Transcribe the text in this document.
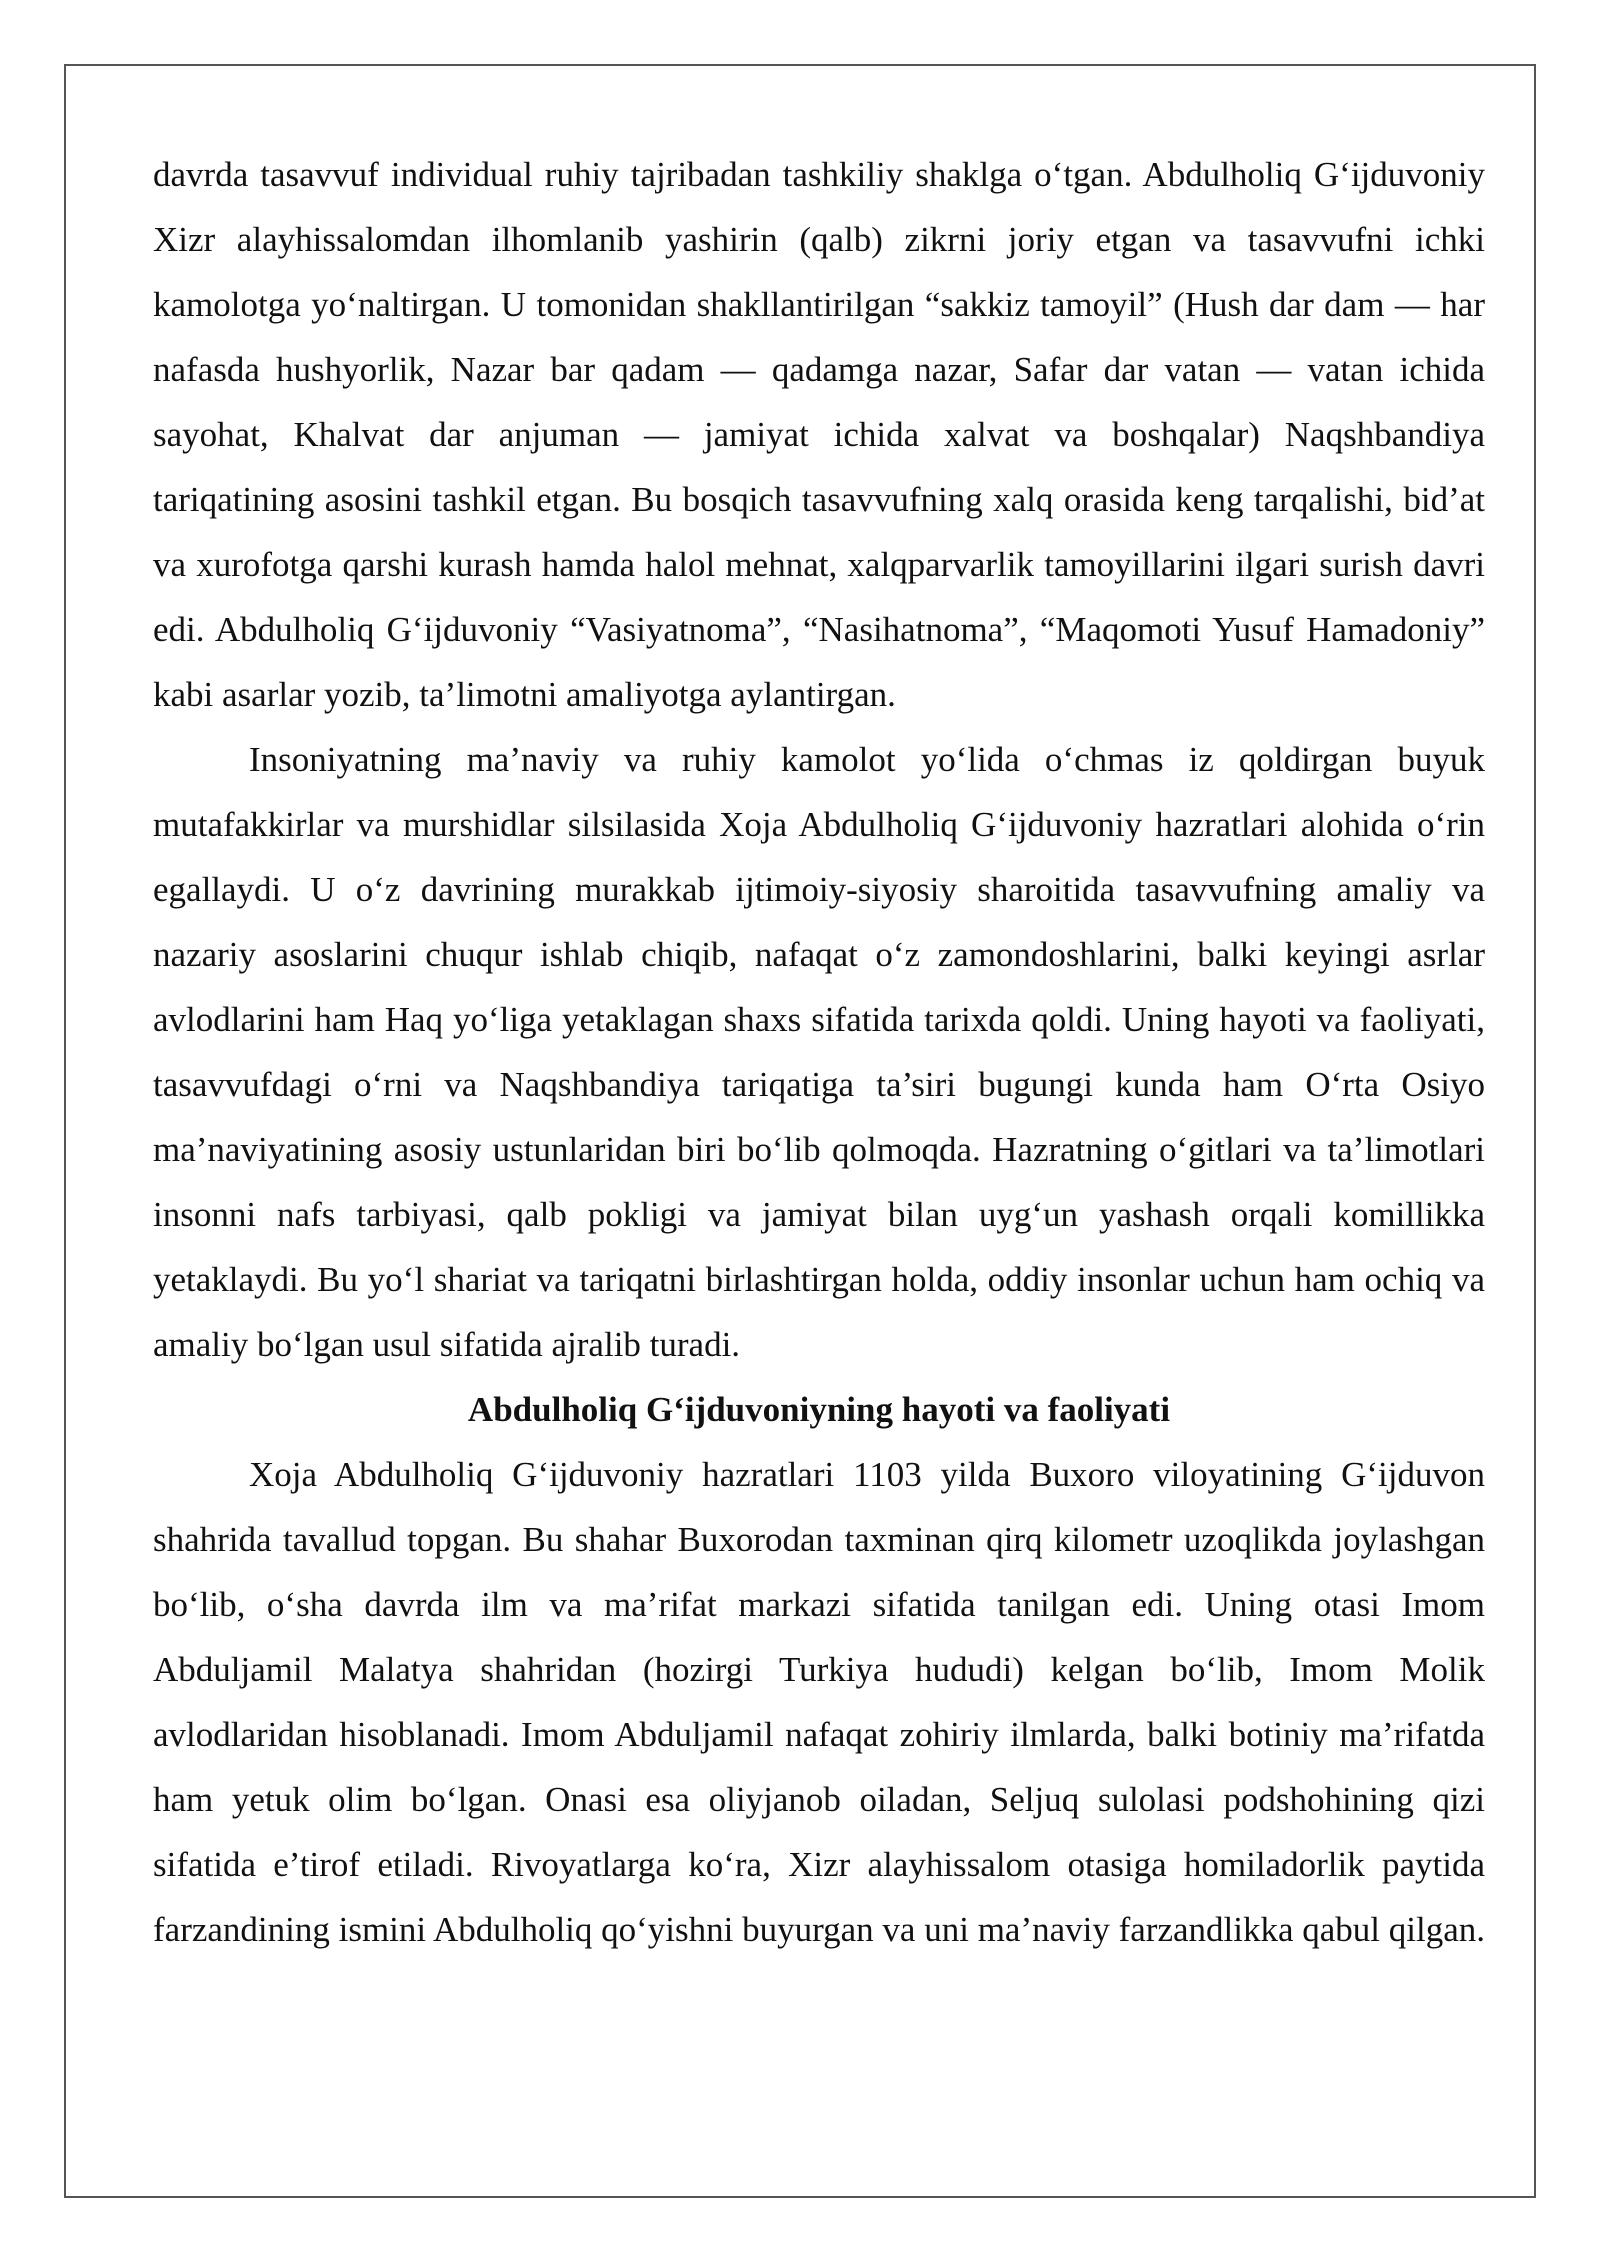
davrda tasavvuf individual ruhiy tajribadan tashkiliy shaklga oʻtgan. Abdulholiq Gʻijduvoniy Xizr alayhissalomdan ilhomlanib yashirin (qalb) zikrni joriy etgan va tasavvufni ichki kamolotga yoʻnaltirgan. U tomonidan shakllantirilgan “sakkiz tamoyil” (Hush dar dam — har nafasda hushyorlik, Nazar bar qadam — qadamga nazar, Safar dar vatan — vatan ichida sayohat, Khalvat dar anjuman — jamiyat ichida xalvat va boshqalar) Naqshbandiya tariqatining asosini tashkil etgan. Bu bosqich tasavvufning xalq orasida keng tarqalishi, bid’at va xurofotga qarshi kurash hamda halol mehnat, xalqparvarlik tamoyillarini ilgari surish davri edi. Abdulholiq Gʻijduvoniy “Vasiyatnoma”, “Nasihatnoma”, “Maqomoti Yusuf Hamadoniy” kabi asarlar yozib, ta’limotni amaliyotga aylantirgan.

Insoniyatning ma’naviy va ruhiy kamolot yoʻlida oʻchmas iz qoldirgan buyuk mutafakkirlar va murshidlar silsilasida Xoja Abdulholiq Gʻijduvoniy hazratlari alohida oʻrin egallaydi. U oʻz davrining murakkab ijtimoiy-siyosiy sharoitida tasavvufning amaliy va nazariy asoslarini chuqur ishlab chiqib, nafaqat oʻz zamondoshlarini, balki keyingi asrlar avlodlarini ham Haq yoʻliga yetaklagan shaxs sifatida tarixda qoldi. Uning hayoti va faoliyati, tasavvufdagi oʻrni va Naqshbandiya tariqatiga ta’siri bugungi kunda ham Oʻrta Osiyo ma’naviyatining asosiy ustunlaridan biri boʻlib qolmoqda. Hazratning oʻgitlari va ta’limotlari insonni nafs tarbiyasi, qalb pokligi va jamiyat bilan uygʻun yashash orqali komillikka yetaklaydi. Bu yoʻl shariat va tariqatni birlashtirgan holda, oddiy insonlar uchun ham ochiq va amaliy boʻlgan usul sifatida ajralib turadi.

Abdulholiq Gʻijduvoniyning hayoti va faoliyati

Xoja Abdulholiq Gʻijduvoniy hazratlari 1103 yilda Buxoro viloyatining Gʻijduvon shahrida tavallud topgan. Bu shahar Buxorodan taxminan qirq kilometr uzoqlikda joylashgan boʻlib, oʻsha davrda ilm va ma’rifat markazi sifatida tanilgan edi. Uning otasi Imom Abduljamil Malatya shahridan (hozirgi Turkiya hududi) kelgan boʻlib, Imom Molik avlodlaridan hisoblanadi. Imom Abduljamil nafaqat zohiriy ilmlarda, balki botiniy ma’rifatda ham yetuk olim boʻlgan. Onasi esa oliyjanob oiladan, Seljuq sulolasi podshohining qizi sifatida e’tirof etiladi. Rivoyatlarga koʻra, Xizr alayhissalom otasiga homiladorlik paytida farzandining ismini Abdulholiq qoʻyishni buyurgan va uni ma’naviy farzandlikka qabul qilgan.
